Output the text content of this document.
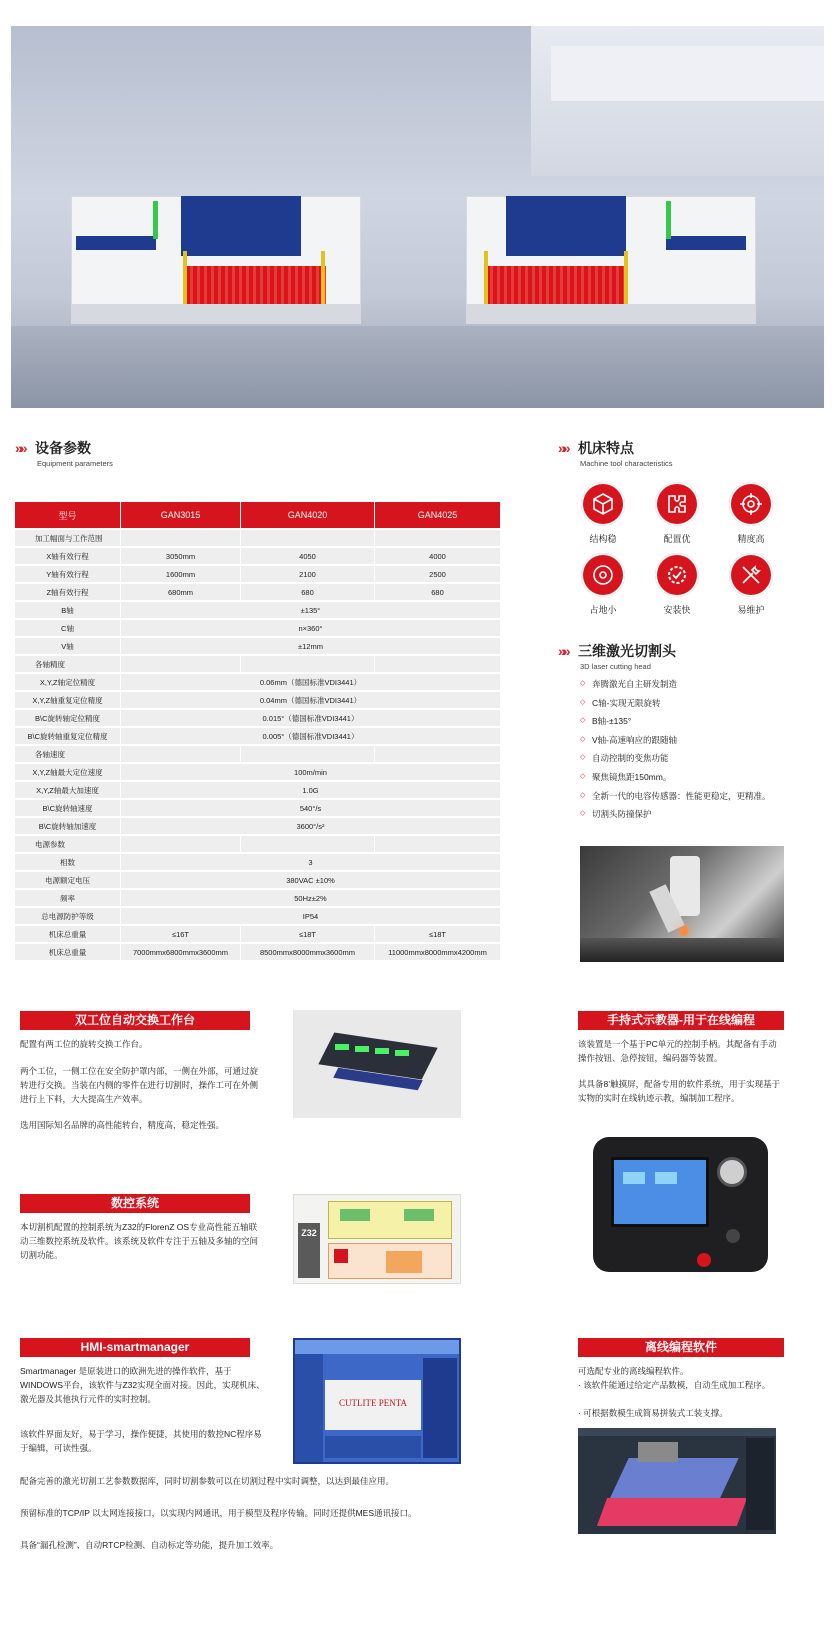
»» 设备参数
Equipment parameters
型号	GAN3015	GAN4020	GAN4025
加工幅面与工作范围			
X轴有效行程	3050mm	4050	4000
Y轴有效行程	1600mm	2100	2500
Z轴有效行程	680mm	680	680
B轴	±135°		
C轴	n×360°		
V轴	±12mm		
各轴精度			
X,Y,Z轴定位精度	0.06mm（德国标准VDI3441）		
X,Y,Z轴重复定位精度	0.04mm（德国标准VDI3441）		
B\C旋转轴定位精度	0.015°（德国标准VDI3441）		
B\C旋转轴重复定位精度	0.005°（德国标准VDI3441）		
各轴速度			
X,Y,Z轴最大定位速度	100m/min		
X,Y,Z轴最大加速度	1.0G		
B\C旋转轴速度	540°/s		
B\C旋转轴加速度	3600°/s²		
电源参数			
相数	3		
电源额定电压	380VAC ±10%		
频率	50Hz±2%		
总电源防护等级	IP54		
机床总重量	≤16T	≤18T	≤18T
机床总重量	7000mmx6800mmx3600mm	8500mmx8000mmx3600mm	11000mmx8000mmx4200mm
»» 机床特点
Machine tool characteristics
结构稳	配置优	精度高
占地小	安装快	易维护
»» 三维激光切割头
3D laser cutting head
◇ 奔腾激光自主研发制造
◇ C轴-实现无限旋转
◇ B轴-±135°
◇ V轴-高速响应的跟随轴
◇ 自动控制的变焦功能
◇ 聚焦镜焦距150mm。
◇ 全新一代的电容传感器：性能更稳定，更精准。
◇ 切割头防撞保护
双工位自动交换工作台
配置有两工位的旋转交换工作台。
两个工位，一侧工位在安全防护罩内部，一侧在外部，可通过旋转进行交换。当装在内侧的零件在进行切割时，操作工可在外侧进行上下料，大大提高生产效率。
选用国际知名品牌的高性能转台，精度高，稳定性强。
数控系统
本切割机配置的控制系统为Z32的FlorenZ OS专业高性能五轴联动三维数控系统及软件。该系统及软件专注于五轴及多轴的空间切割功能。
Z32
HMI-smartmanager
Smartmanager 是原装进口的欧洲先进的操作软件，基于WINDOWS平台，该软件与Z32实现全面对接。因此，实现机床、激光器及其他执行元件的实时控制。
该软件界面友好，易于学习，操作便捷，其使用的数控NC程序易于编辑，可读性强。
配备完善的激光切割工艺参数数据库，同时切割参数可以在切割过程中实时调整，以达到最佳应用。
预留标准的TCP/IP 以太网连接接口，以实现内网通讯，用于模型及程序传输。同时还提供MES通讯接口。
具备“漏孔检测”、自动RTCP检测、自动标定等功能，提升加工效率。
CUTLITE PENTA
手持式示教器-用于在线编程
该装置是一个基于PC单元的控制手柄。其配备有手动操作按钮、急停按钮，编码器等装置。
其具备8’触摸屏，配备专用的软件系统，用于实现基于实物的实时在线轨迹示教，编制加工程序。
离线编程软件
可选配专业的离线编程软件。
· 该软件能通过给定产品数模，自动生成加工程序。
· 可根据数模生成简易拼装式工装支撑。
